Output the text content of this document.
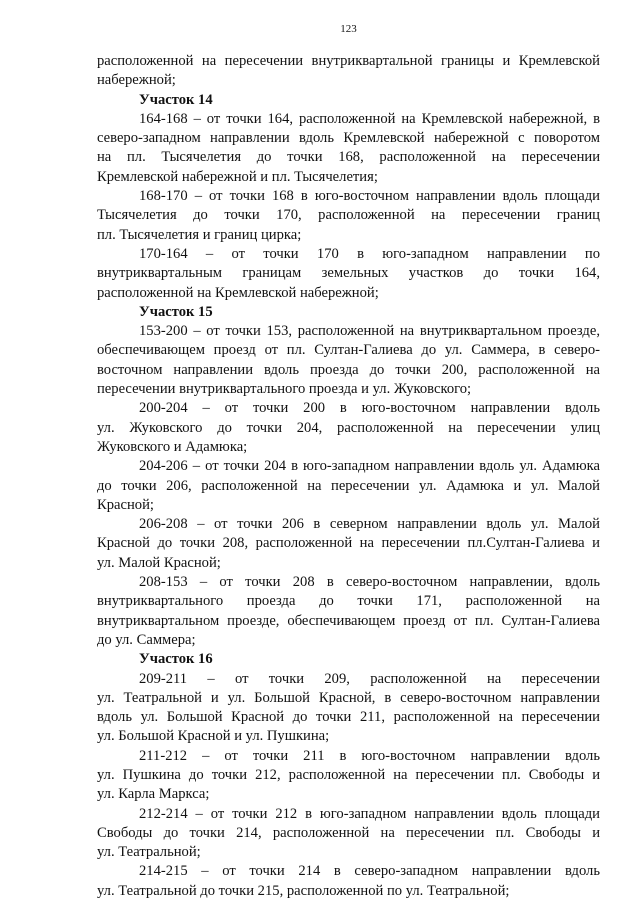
123
расположенной на пересечении внутриквартальной границы и Кремлевской
набережной;
Участок 14
164-168 – от точки 164, расположенной на Кремлевской набережной, в
северо-западном направлении вдоль Кремлевской набережной с поворотом
на пл. Тысячелетия до точки 168, расположенной на пересечении
Кремлевской набережной и пл. Тысячелетия;
168-170 – от точки 168 в юго-восточном направлении вдоль площади
Тысячелетия до точки 170, расположенной на пересечении границ
пл. Тысячелетия и границ цирка;
170-164 – от точки 170 в юго-западном направлении по
внутриквартальным границам земельных участков до точки 164,
расположенной на Кремлевской набережной;
Участок 15
153-200 – от точки 153, расположенной на внутриквартальном проезде,
обеспечивающем проезд от пл. Султан-Галиева до ул. Саммера, в северо-
восточном направлении вдоль проезда до точки 200, расположенной на
пересечении внутриквартального проезда и ул. Жуковского;
200-204 – от точки 200 в юго-восточном направлении вдоль
ул. Жуковского до точки 204, расположенной на пересечении улиц
Жуковского и Адамюка;
204-206 – от точки 204 в юго-западном направлении вдоль ул. Адамюка
до точки 206, расположенной на пересечении ул. Адамюка и ул. Малой
Красной;
206-208 – от точки 206 в северном направлении вдоль ул. Малой
Красной до точки 208, расположенной на пересечении пл.Султан-Галиева и
ул. Малой Красной;
208-153 – от точки 208 в северо-восточном направлении, вдоль
внутриквартального проезда до точки 171, расположенной на
внутриквартальном проезде, обеспечивающем проезд от пл. Султан-Галиева
до ул. Саммера;
Участок 16
209-211 – от точки 209, расположенной на пересечении
ул. Театральной и ул. Большой Красной, в северо-восточном направлении
вдоль ул. Большой Красной до точки 211, расположенной на пересечении
ул. Большой Красной и ул. Пушкина;
211-212 – от точки 211 в юго-восточном направлении вдоль
ул. Пушкина до точки 212, расположенной на пересечении пл. Свободы и
ул. Карла Маркса;
212-214 – от точки 212 в юго-западном направлении вдоль площади
Свободы до точки 214, расположенной на пересечении пл. Свободы и
ул. Театральной;
214-215 – от точки 214 в северо-западном направлении вдоль
ул. Театральной до точки 215, расположенной по ул. Театральной;
